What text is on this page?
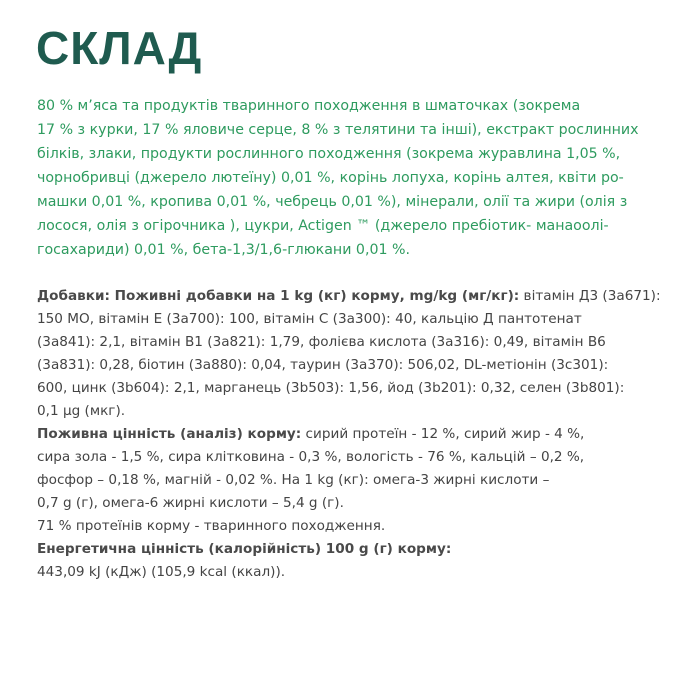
СКЛАД
80 % м’яса та продуктів тваринного походження в шматочках (зокрема
17 % з курки, 17 % яловиче серце, 8 % з телятини та інші), екстракт рослинних
білків, злаки, продукти рослинного походження (зокрема журавлина 1,05 %,
чорнобривці (джерело лютеїну) 0,01 %, корінь лопуха, корінь алтея, квіти ро-
машки 0,01 %, кропива 0,01 %, чебрець 0,01 %), мінерали, олії та жири (олія з
лосося, олія з огірочника ), цукри, Actigen ™ (джерело пребіотик- манаоолі-
госахариди) 0,01 %, бета-1,3/1,6-глюкани 0,01 %.
Добавки: Поживні добавки на 1 kg (кг) корму, mg/kg (мг/кг): вітамін Д3 (3а671):
150 МО, вітамін Е (3а700): 100, вітамін С (3а300): 40, кальцію Д пантотенат
(3а841): 2,1, вітамін В1 (3а821): 1,79, фолієва кислота (3а316): 0,49, вітамін В6
(3а831): 0,28, біотин (3а880): 0,04, таурин (3а370): 506,02, DL-метіонін (3с301):
600, цинк (3b604): 2,1, марганець (3b503): 1,56, йод (3b201): 0,32, селен (3b801):
0,1 μg (мкг).
Поживна цінність (аналіз) корму: сирий протеїн - 12 %, сирий жир - 4 %,
сира зола - 1,5 %, сира клітковина - 0,3 %, вологість - 76 %, кальцій – 0,2 %,
фосфор – 0,18 %, магній - 0,02 %. На 1 kg (кг): омега-3 жирні кислоти –
0,7 g (г), омега-6 жирні кислоти – 5,4 g (г).
71 % протеїнів корму - тваринного походження.
Енергетична цінність (калорійність) 100 g (г) корму:
443,09 kJ (кДж) (105,9 kcal (ккал)).
